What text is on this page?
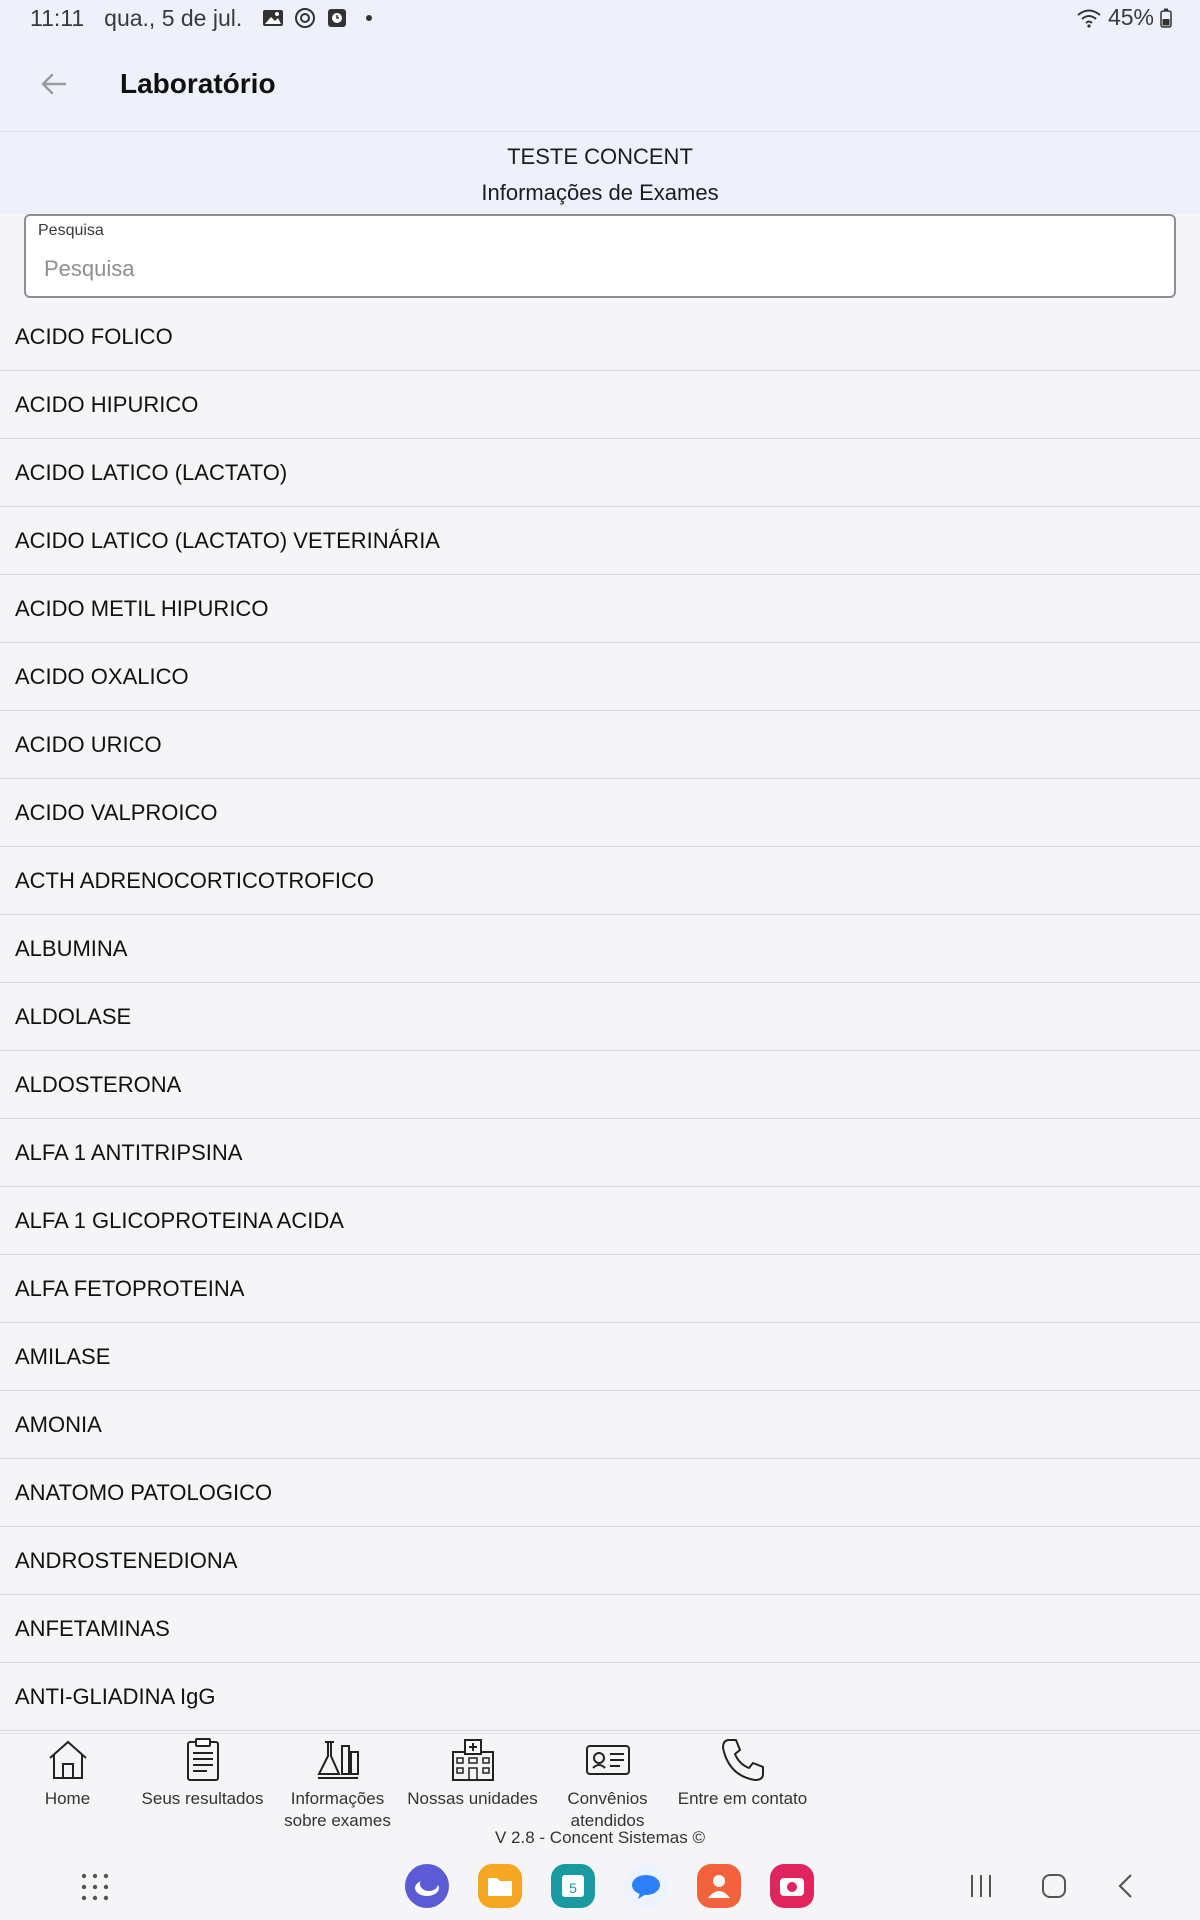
11:11 qua., 5 de jul.	45%
Laboratório
TESTE CONCENT
Informações de Exames
Pesquisa
Pesquisa
ACIDO FOLICO
ACIDO HIPURICO
ACIDO LATICO (LACTATO)
ACIDO LATICO (LACTATO) VETERINÁRIA
ACIDO METIL HIPURICO
ACIDO OXALICO
ACIDO URICO
ACIDO VALPROICO
ACTH ADRENOCORTICOTROFICO
ALBUMINA
ALDOLASE
ALDOSTERONA
ALFA 1 ANTITRIPSINA
ALFA 1 GLICOPROTEINA ACIDA
ALFA FETOPROTEINA
AMILASE
AMONIA
ANATOMO PATOLOGICO
ANDROSTENEDIONA
ANFETAMINAS
ANTI-GLIADINA IgG
Home	Seus resultados	Informações
sobre exames
Nossas unidades Convênios
atendidos
Entre em contato
V 2.8 - Concent Sistemas ©
5
